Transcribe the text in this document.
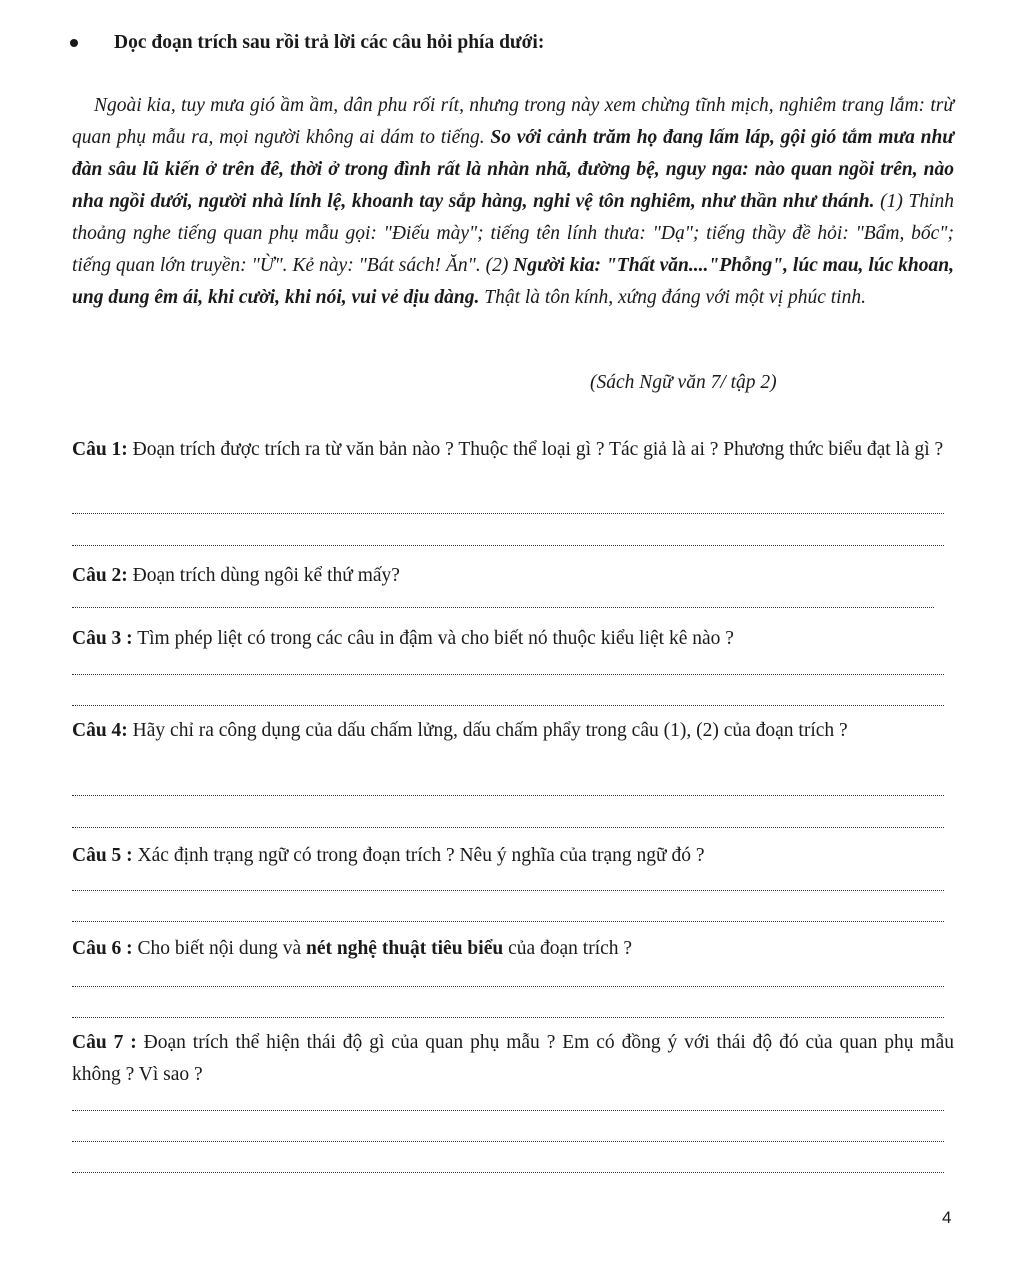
Dọc đoạn trích sau rồi trả lời các câu hỏi phía dưới:

Ngoài kia, tuy mưa gió ầm ầm, dân phu rối rít, nhưng trong này xem chừng tĩnh mịch, nghiêm trang lắm: trừ quan phụ mẫu ra, mọi người không ai dám to tiếng. So với cảnh trăm họ đang lấm láp, gội gió tắm mưa như đàn sâu lũ kiến ở trên đê, thời ở trong đình rất là nhàn nhã, đường bệ, nguy nga: nào quan ngồi trên, nào nha ngồi dưới, người nhà lính lệ, khoanh tay sắp hàng, nghi vệ tôn nghiêm, như thần như thánh. (1) Thỉnh thoảng nghe tiếng quan phụ mẫu gọi: "Điếu mày"; tiếng tên lính thưa: "Dạ"; tiếng thầy đề hỏi: "Bẩm, bốc"; tiếng quan lớn truyền: "Ừ". Kẻ này: "Bát sách! Ăn". (2) Người kia: "Thất văn...."Phỗng", lúc mau, lúc khoan, ung dung êm ái, khi cười, khi nói, vui vẻ dịu dàng. Thật là tôn kính, xứng đáng với một vị phúc tinh.

(Sách Ngữ văn 7/ tập 2)

Câu 1: Đoạn trích được trích ra từ văn bản nào ? Thuộc thể loại gì ? Tác giả là ai ? Phương thức biểu đạt là gì ?

Câu 2: Đoạn trích dùng ngôi kể thứ mấy?

Câu 3 : Tìm phép liệt có trong các câu in đậm và cho biết nó thuộc kiểu liệt kê nào ?

Câu 4: Hãy chỉ ra công dụng của dấu chấm lửng, dấu chấm phẩy trong câu (1), (2) của đoạn trích ?

Câu 5 : Xác định trạng ngữ có trong đoạn trích ? Nêu ý nghĩa của trạng ngữ đó ?

Câu 6 : Cho biết nội dung và nét nghệ thuật tiêu biểu của đoạn trích ?

Câu 7 : Đoạn trích thể hiện thái độ gì của quan phụ mẫu ? Em có đồng ý với thái độ đó của quan phụ mẫu không ? Vì sao ?

4
